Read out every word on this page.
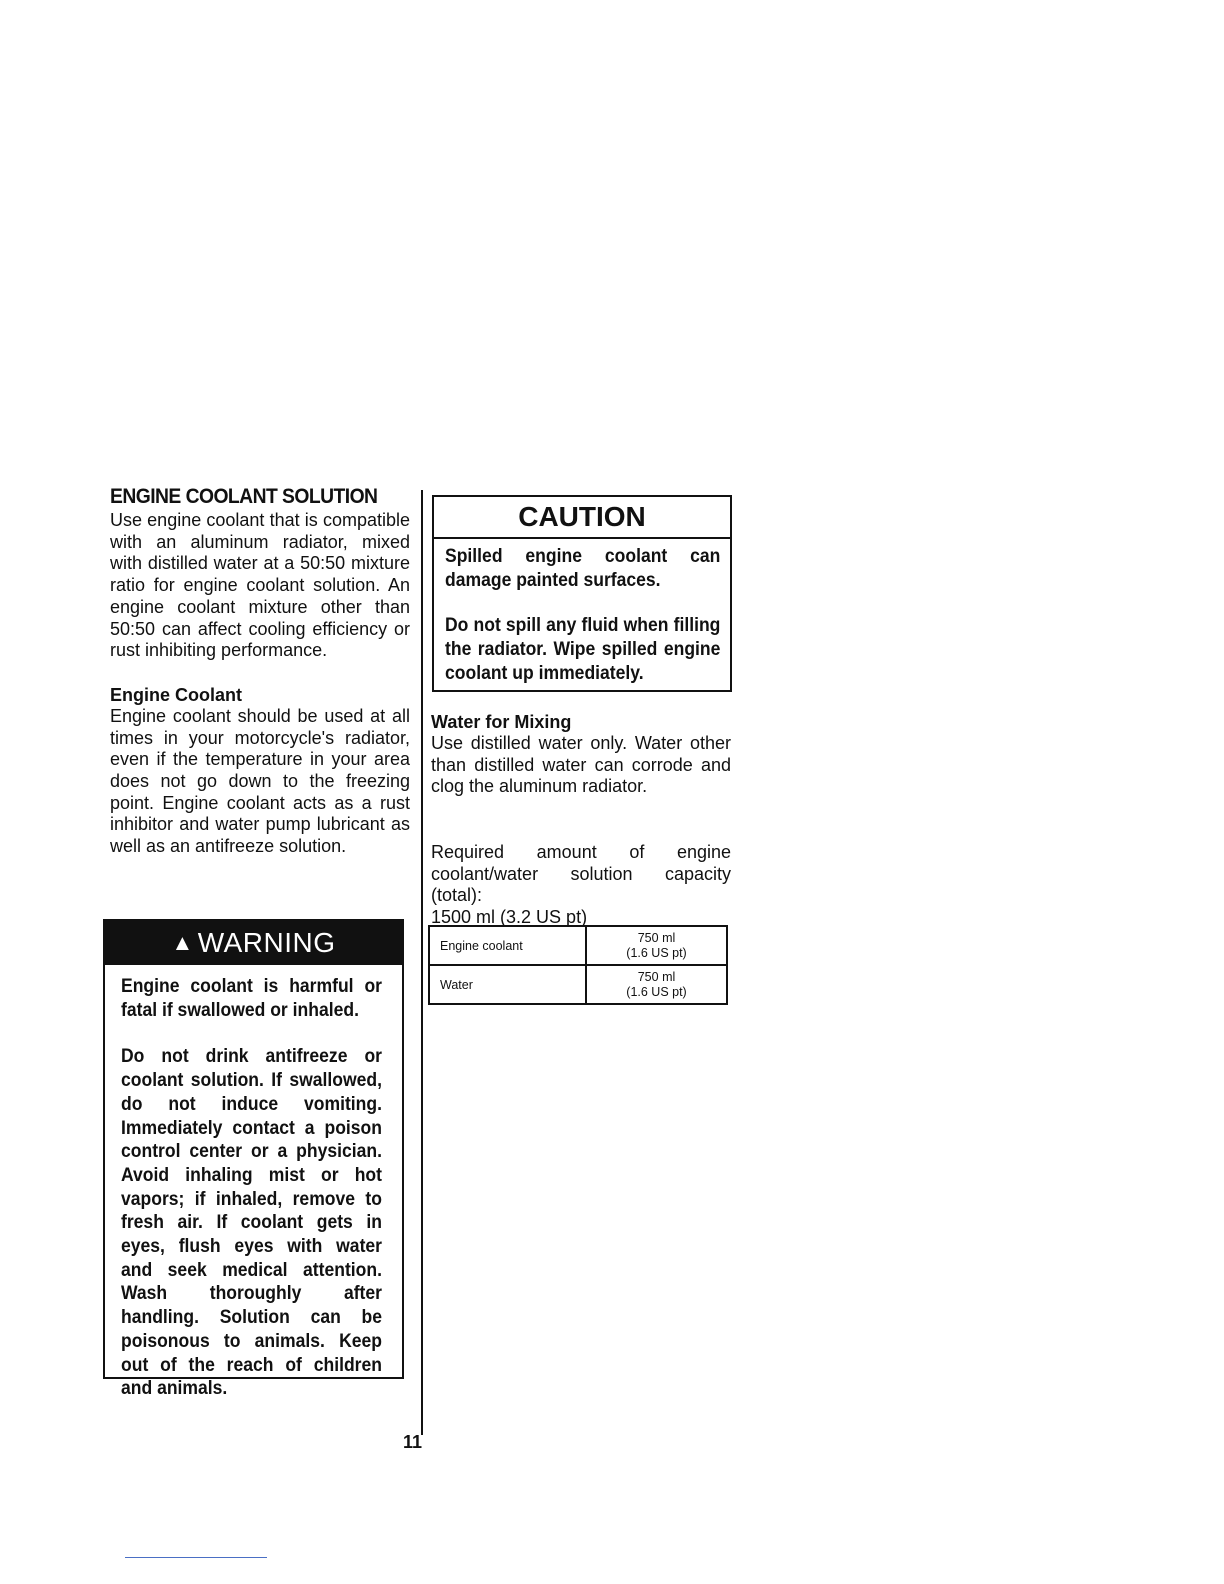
ENGINE COOLANT SOLUTION

Use engine coolant that is compatible with an aluminum radiator, mixed with distilled water at a 50:50 mixture ratio for engine coolant solution. An engine coolant mixture other than 50:50 can affect cooling efficiency or rust inhibiting performance.

Engine Coolant

Engine coolant should be used at all times in your motorcycle's radiator, even if the temperature in your area does not go down to the freezing point. Engine coolant acts as a rust inhibitor and water pump lubricant as well as an antifreeze solution.

▲ WARNING

Engine coolant is harmful or fatal if swallowed or inhaled.

Do not drink antifreeze or coolant solution. If swallowed, do not induce vomiting. Immediately contact a poison control center or a physician. Avoid inhaling mist or hot vapors; if inhaled, remove to fresh air. If coolant gets in eyes, flush eyes with water and seek medical attention. Wash thoroughly after handling. Solution can be poisonous to animals. Keep out of the reach of children and animals.

CAUTION

Spilled engine coolant can damage painted surfaces.

Do not spill any fluid when filling the radiator. Wipe spilled engine coolant up immediately.

Water for Mixing

Use distilled water only. Water other than distilled water can corrode and clog the aluminum radiator.

Required amount of engine coolant/water solution capacity (total):

1500 ml (3.2 US pt)

Engine coolant	750 ml
(1.6 US pt)

Water	750 ml
(1.6 US pt)
11
